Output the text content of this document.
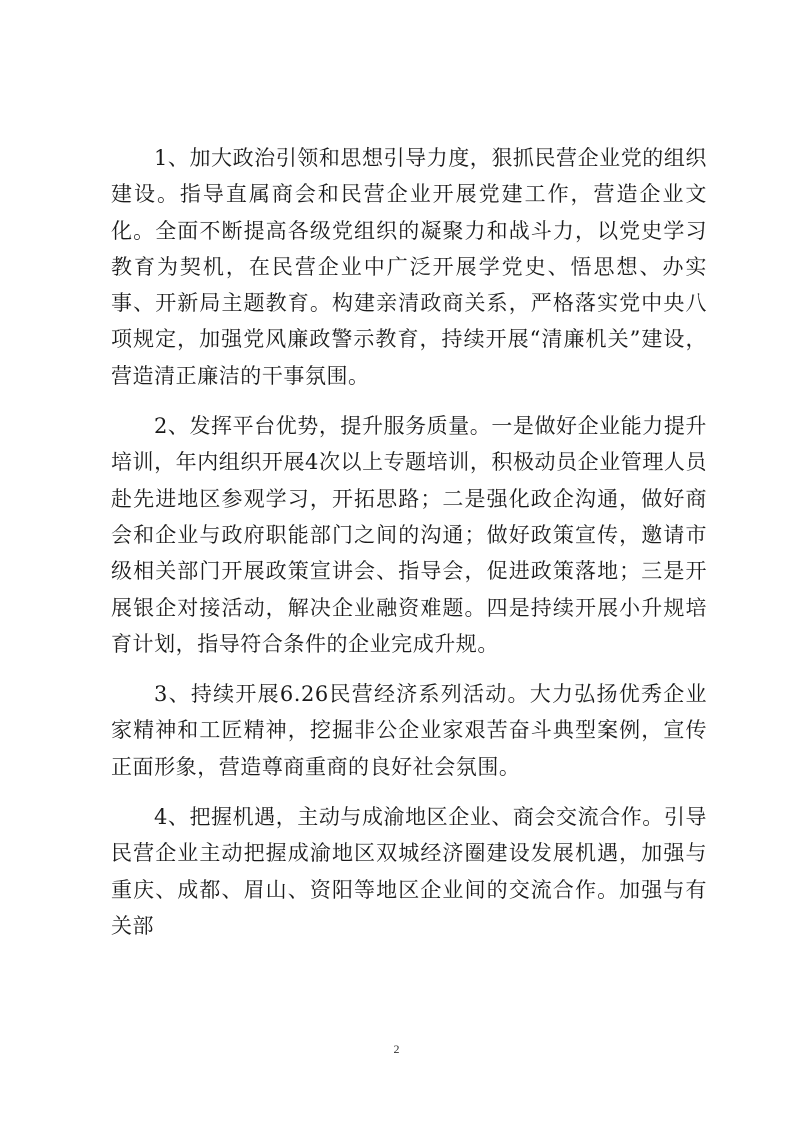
1、加大政治引领和思想引导力度，狠抓民营企业党的组织建设。指导直属商会和民营企业开展党建工作，营造企业文化。全面不断提高各级党组织的凝聚力和战斗力，以党史学习教育为契机，在民营企业中广泛开展学党史、悟思想、办实事、开新局主题教育。构建亲清政商关系，严格落实党中央八项规定，加强党风廉政警示教育，持续开展“清廉机关”建设，营造清正廉洁的干事氛围。

2、发挥平台优势，提升服务质量。一是做好企业能力提升培训，年内组织开展4次以上专题培训，积极动员企业管理人员赴先进地区参观学习，开拓思路；二是强化政企沟通，做好商会和企业与政府职能部门之间的沟通；做好政策宣传，邀请市级相关部门开展政策宣讲会、指导会，促进政策落地；三是开展银企对接活动，解决企业融资难题。四是持续开展小升规培育计划，指导符合条件的企业完成升规。

3、持续开展6.26民营经济系列活动。大力弘扬优秀企业家精神和工匠精神，挖掘非公企业家艰苦奋斗典型案例，宣传正面形象，营造尊商重商的良好社会氛围。

4、把握机遇，主动与成渝地区企业、商会交流合作。引导民营企业主动把握成渝地区双城经济圈建设发展机遇，加强与重庆、成都、眉山、资阳等地区企业间的交流合作。加强与有关部

2
